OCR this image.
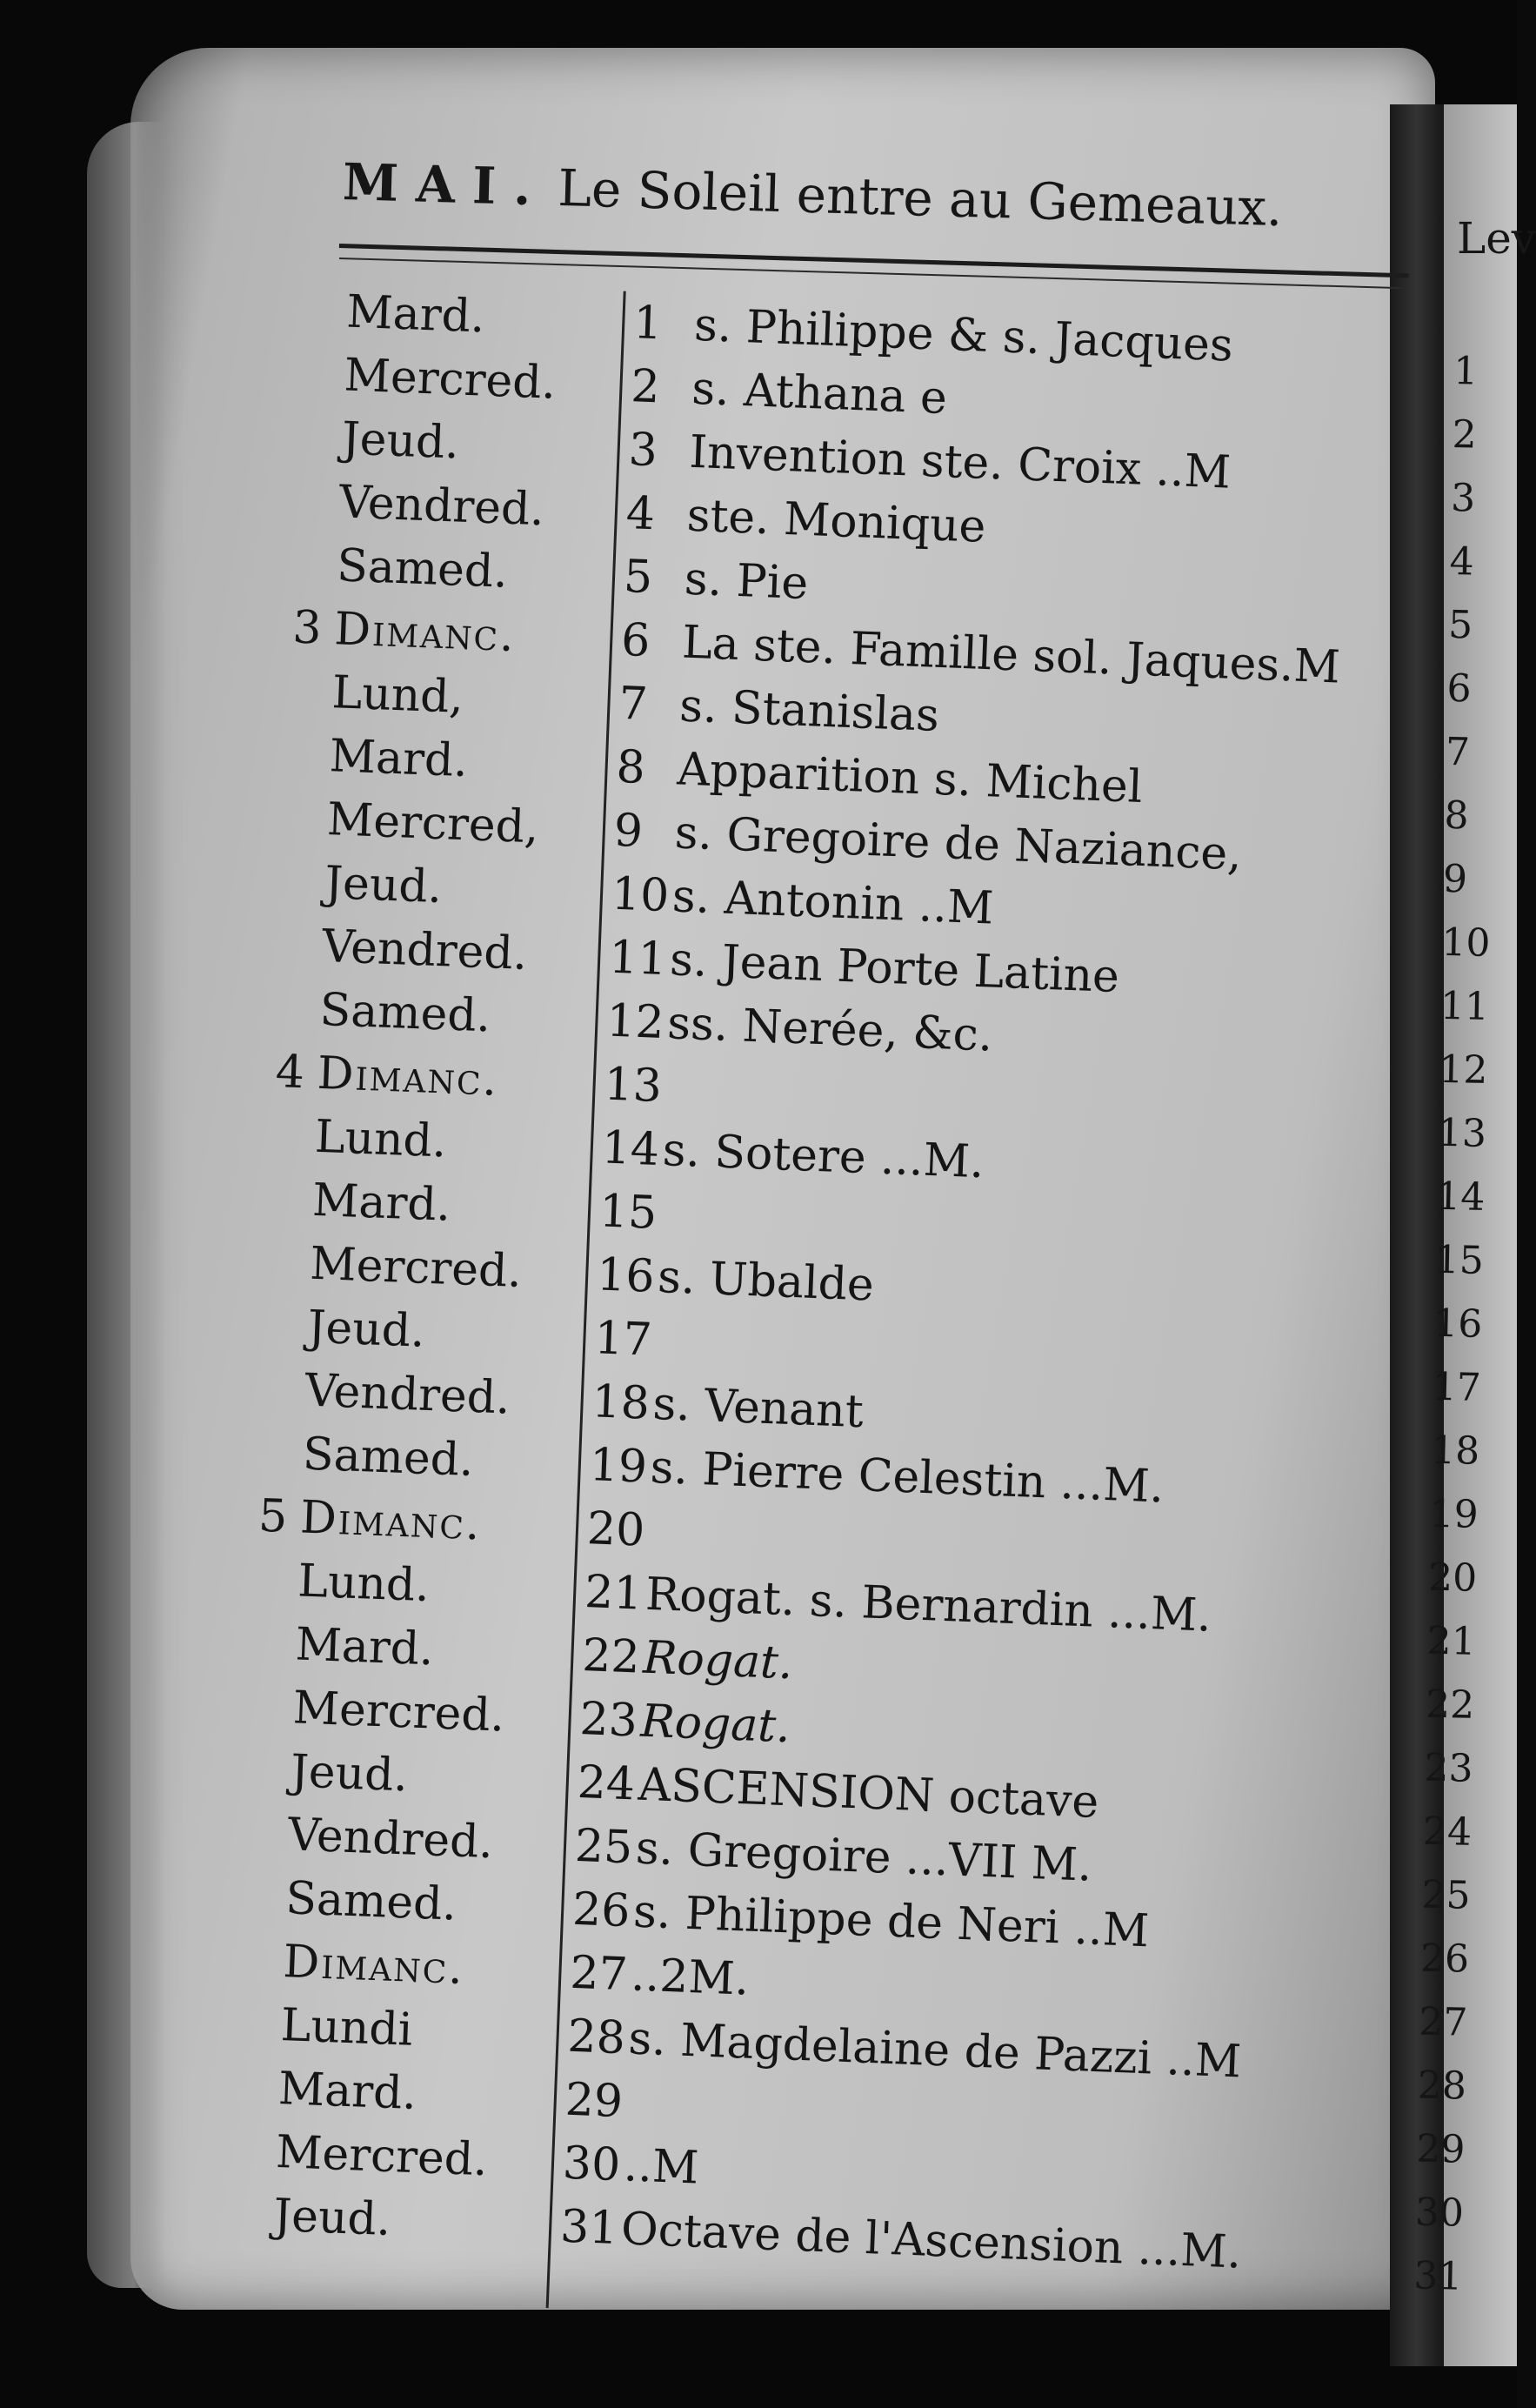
MAI. Le Soleil entre au Gemeaux.
Lev
Mard.	1 s. Philippe & s. Jacques
Mercred. 2 s. Athana e
Jeud.	3 Invention ste. Croix ..M
Vendred. 4 ste. Monique
Samed.	5 s. Pie
3 Dimanc. 6 La ste. Famille sol. Jaques.M
Lund,	7 s. Stanislas
Mard.	8 Apparition s. Michel
Mercred, 9 s. Gregoire de Naziance,
Jeud.	10 s. Antonin ..M
Vendred. 11 s. Jean Porte Latine
Samed.	12 ss. Nerée, &c.
4 Dimanc. 13
Lund.	14 s. Sotere ...M.
Mard.	15
Mercred. 16 s. Ubalde
Jeud.	17
Vendred. 18 s. Venant
Samed.	19 s. Pierre Celestin ...M.
5 Dimanc. 20
Lund.	21 Rogat. s. Bernardin ...M.
Mard.	22 Rogat.
Mercred. 23 Rogat.
Jeud.	24 ASCENSION octave
Vendred. 25 s. Gregoire ...VII M.
Samed.	26 s. Philippe de Neri ..M
Dimanc. 27 ..2M.
Lundi	28 s. Magdelaine de Pazzi ..M
Mard.	29
Mercred. 30 ..M
Jeud.	31 Octave de l'Ascension ...M.
1
2
3
4
5
6
7
8
9
10
11
12
13
14
15
16
17
18
19
20
21
22
23
24
25
26
27
28
29
30
31
